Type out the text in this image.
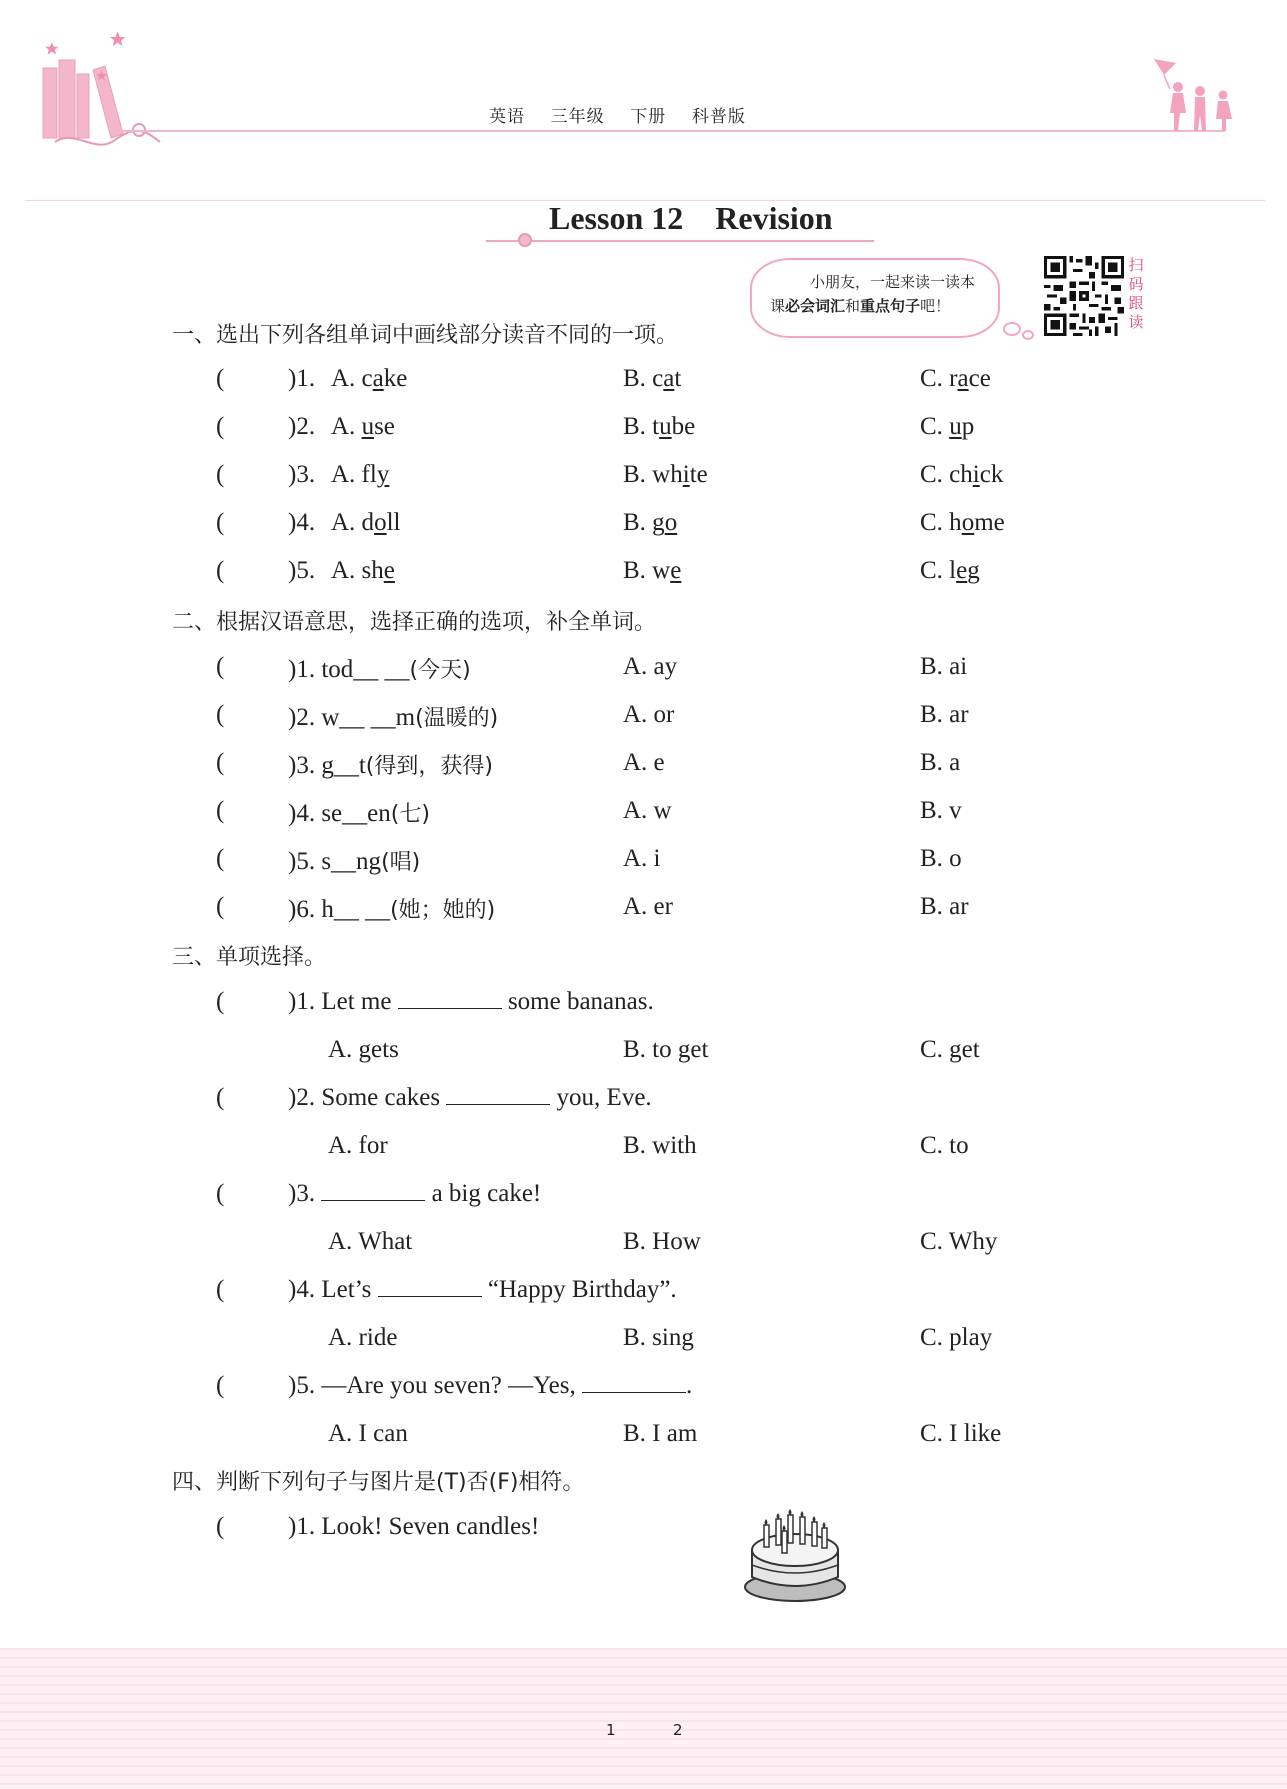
英语 三年级 下册 科普版
Lesson 12 Revision
小朋友，一起来读一读本
课必会词汇和重点句子吧！
扫
码
跟
读
一、选出下列各组单词中画线部分读音不同的一项。
(	)1. A. cake	B. cat	C. race
(	)2. A. use	B. tube	C. up
(	)3. A. fly	B. white	C. chick
(	)4. A. doll	B. go	C. home
(	)5. A. she	B. we	C. leg
二、根据汉语意思，选择正确的选项，补全单词。
(	)1. tod__ __(今天)	A. ay	B. ai
(	)2. w__ __m(温暖的)	A. or	B. ar
(	)3. g__t(得到，获得)	A. e	B. a
(	)4. se__en(七)	A. w	B. v
(	)5. s__ng(唱)	A. i	B. o
(	)6. h__ __(她；她的)	A. er	B. ar
三、单项选择。
(	)1. Let me	some bananas.
A. gets	B. to get	C. get
(	)2. Some cakes	you, Eve.
A. for	B. with	C. to
(	)3.	a big cake!
A. What	B. How	C. Why
(	)4. Let’s	“Happy Birthday”.
A. ride	B. sing	C. play
(	)5. —Are you seven? —Yes,	.
A. I can	B. I am	C. I like
四、判断下列句子与图片是(T)否(F)相符。
(	)1. Look! Seven candles!
1	2
